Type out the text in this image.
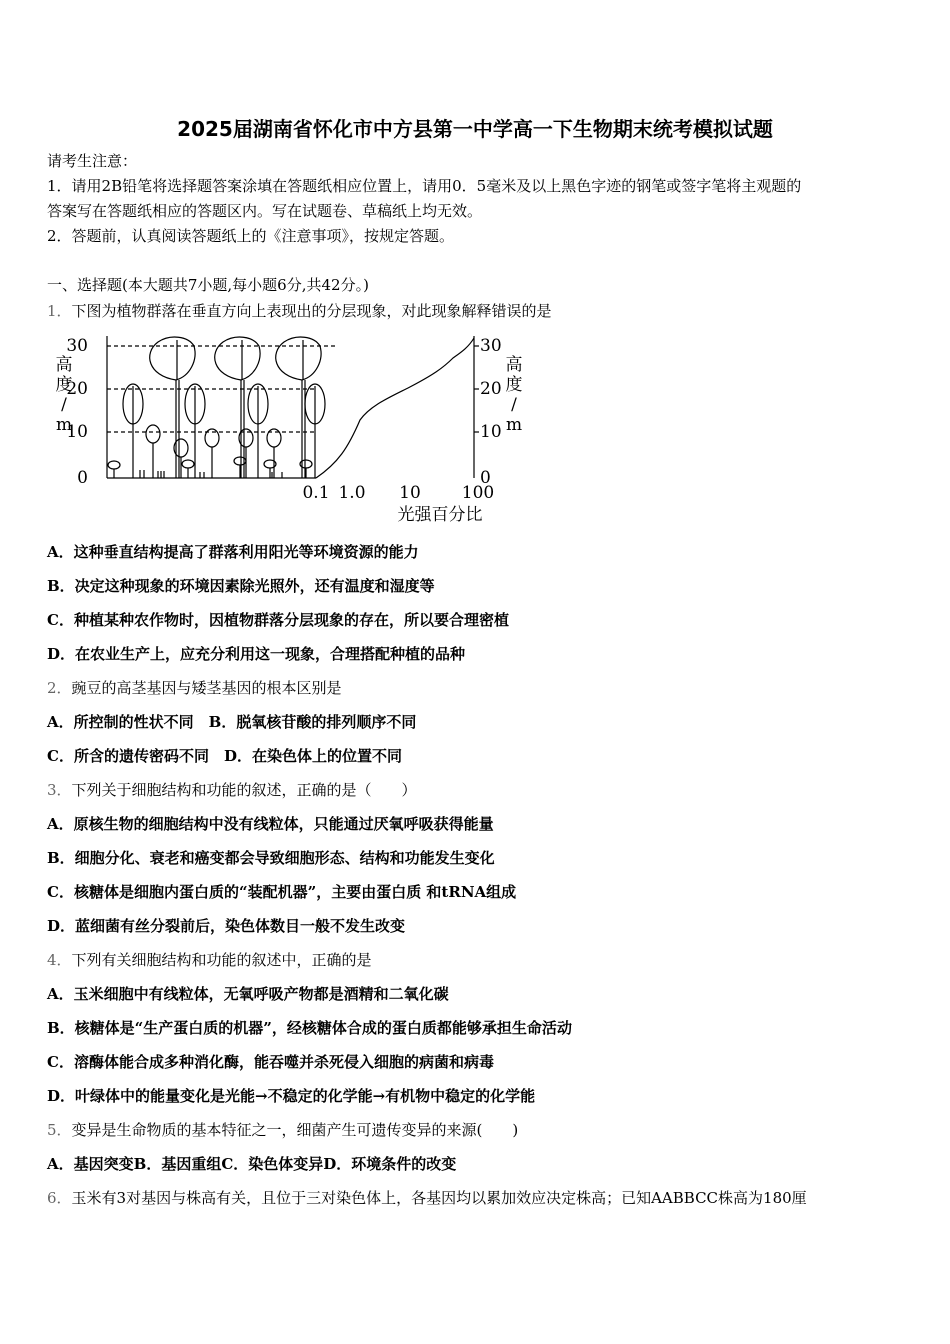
2025届湖南省怀化市中方县第一中学高一下生物期末统考模拟试题
请考生注意：
1．请用2B铅笔将选择题答案涂填在答题纸相应位置上，请用0．5毫米及以上黑色字迹的钢笔或签字笔将主观题的
答案写在答题纸相应的答题区内。写在试题卷、草稿纸上均无效。
2．答题前，认真阅读答题纸上的《注意事项》，按规定答题。
一、选择题(本大题共7小题,每小题6分,共42分。)
1．下图为植物群落在垂直方向上表现出的分层现象，对此现象解释错误的是
30
20
10
0
30
20
10
0
0.1 1.0 10 100
光强百分比
高
度
/
m
高
度
/
m
A．这种垂直结构提高了群落利用阳光等环境资源的能力
B．决定这种现象的环境因素除光照外，还有温度和湿度等
C．种植某种农作物时，因植物群落分层现象的存在，所以要合理密植
D．在农业生产上，应充分利用这一现象，合理搭配种植的品种
2．豌豆的高茎基因与矮茎基因的根本区别是
A．所控制的性状不同　B．脱氧核苷酸的排列顺序不同
C．所含的遗传密码不同　D．在染色体上的位置不同
3．下列关于细胞结构和功能的叙述，正确的是（　　）
A．原核生物的细胞结构中没有线粒体，只能通过厌氧呼吸获得能量
B．细胞分化、衰老和癌变都会导致细胞形态、结构和功能发生变化
C．核糖体是细胞内蛋白质的“装配机器”，主要由蛋白质 和tRNA组成
D．蓝细菌有丝分裂前后，染色体数目一般不发生改变
4．下列有关细胞结构和功能的叙述中，正确的是
A．玉米细胞中有线粒体，无氧呼吸产物都是酒精和二氧化碳
B．核糖体是“生产蛋白质的机器”，经核糖体合成的蛋白质都能够承担生命活动
C．溶酶体能合成多种消化酶，能吞噬并杀死侵入细胞的病菌和病毒
D．叶绿体中的能量变化是光能→不稳定的化学能→有机物中稳定的化学能
5．变异是生命物质的基本特征之一，细菌产生可遗传变异的来源(　　)
A．基因突变B．基因重组C．染色体变异D．环境条件的改变
6．玉米有3对基因与株高有关，且位于三对染色体上，各基因均以累加效应决定株高；已知AABBCC株高为180厘
